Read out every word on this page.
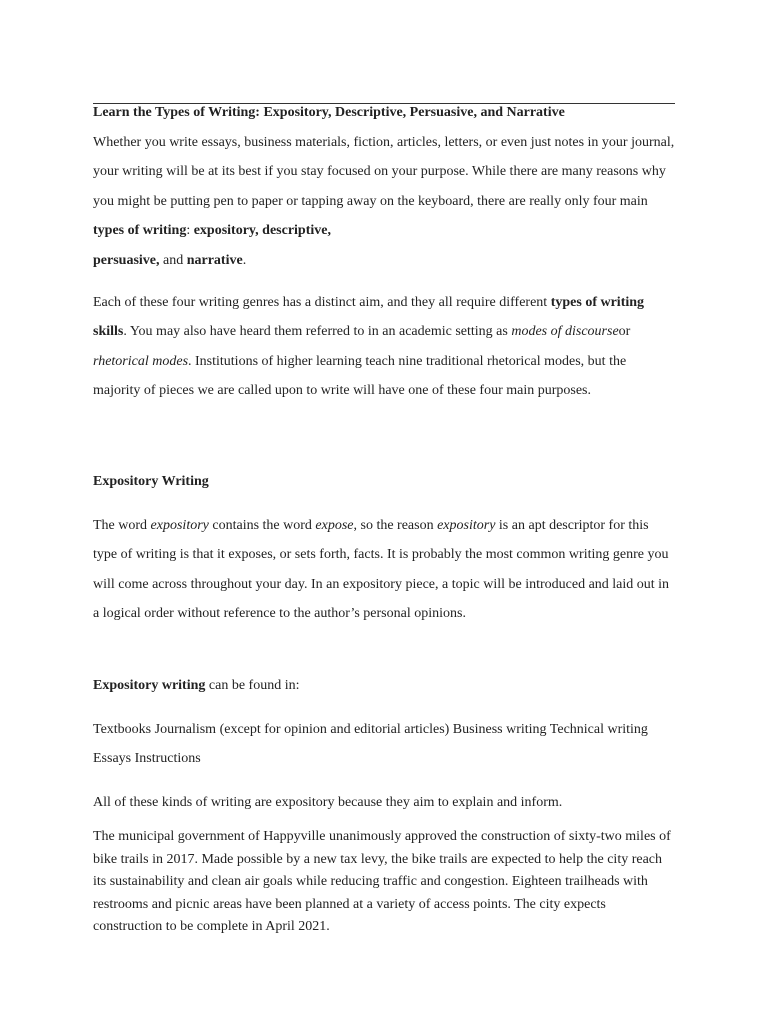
Learn the Types of Writing: Expository, Descriptive, Persuasive, and Narrative
Whether you write essays, business materials, fiction, articles, letters, or even just notes in your journal, your writing will be at its best if you stay focused on your purpose. While there are many reasons why you might be putting pen to paper or tapping away on the keyboard, there are really only four main types of writing: expository, descriptive,
persuasive, and narrative.
Each of these four writing genres has a distinct aim, and they all require different types of writing skills. You may also have heard them referred to in an academic setting as modes of discourseor rhetorical modes. Institutions of higher learning teach nine traditional rhetorical modes, but the majority of pieces we are called upon to write will have one of these four main purposes.
Expository Writing
The word expository contains the word expose, so the reason expository is an apt descriptor for this type of writing is that it exposes, or sets forth, facts. It is probably the most common writing genre you will come across throughout your day. In an expository piece, a topic will be introduced and laid out in a logical order without reference to the author’s personal opinions.
Expository writing can be found in:
Textbooks Journalism (except for opinion and editorial articles) Business writing Technical writing Essays Instructions
All of these kinds of writing are expository because they aim to explain and inform.
The municipal government of Happyville unanimously approved the construction of sixty-two miles of bike trails in 2017. Made possible by a new tax levy, the bike trails are expected to help the city reach its sustainability and clean air goals while reducing traffic and congestion. Eighteen trailheads with restrooms and picnic areas have been planned at a variety of access points. The city expects construction to be complete in April 2021.
